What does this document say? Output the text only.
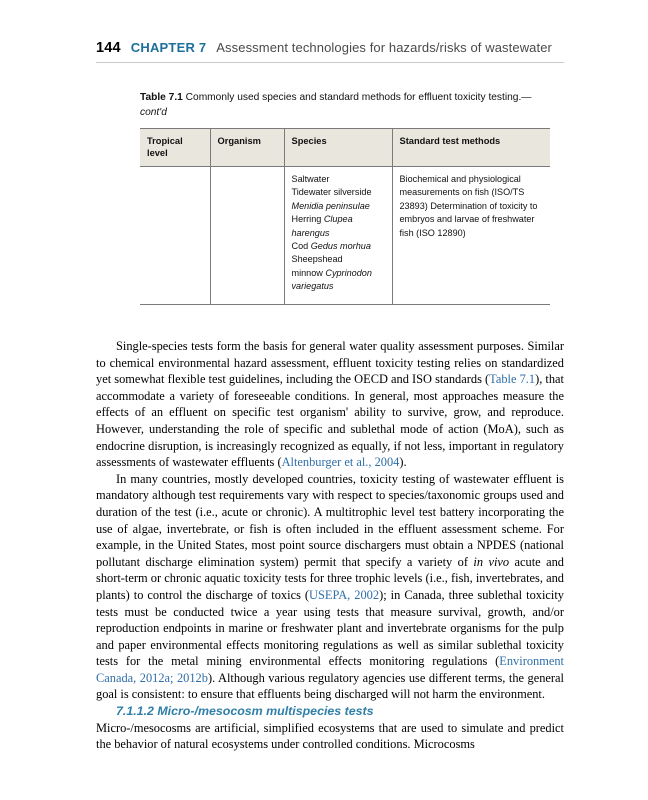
144 CHAPTER 7 Assessment technologies for hazards/risks of wastewater
Table 7.1 Commonly used species and standard methods for effluent toxicity testing.—cont'd
Tropical level	Organism	Species	Standard test methods
		Saltwater
Tidewater silverside
Menidia peninsulae
Herring Clupea
harengus
Cod Gedus morhua
Sheepshead
minnow Cyprinodon
variegatus	Biochemical and physiological measurements on fish (ISO/TS 23893) Determination of toxicity to embryos and larvae of freshwater fish (ISO 12890)

Single-species tests form the basis for general water quality assessment purposes. Similar to chemical environmental hazard assessment, effluent toxicity testing relies on standardized yet somewhat flexible test guidelines, including the OECD and ISO standards (Table 7.1), that accommodate a variety of foreseeable conditions. In general, most approaches measure the effects of an effluent on specific test organism' ability to survive, grow, and reproduce. However, understanding the role of specific and sublethal mode of action (MoA), such as endocrine disruption, is increasingly recognized as equally, if not less, important in regulatory assessments of wastewater effluents (Altenburger et al., 2004).

In many countries, mostly developed countries, toxicity testing of wastewater effluent is mandatory although test requirements vary with respect to species/taxonomic groups used and duration of the test (i.e., acute or chronic). A multitrophic level test battery incorporating the use of algae, invertebrate, or fish is often included in the effluent assessment scheme. For example, in the United States, most point source dischargers must obtain a NPDES (national pollutant discharge elimination system) permit that specify a variety of in vivo acute and short-term or chronic aquatic toxicity tests for three trophic levels (i.e., fish, invertebrates, and plants) to control the discharge of toxics (USEPA, 2002); in Canada, three sublethal toxicity tests must be conducted twice a year using tests that measure survival, growth, and/or reproduction endpoints in marine or freshwater plant and invertebrate organisms for the pulp and paper environmental effects monitoring regulations as well as similar sublethal toxicity tests for the metal mining environmental effects monitoring regulations (Environment Canada, 2012a; 2012b). Although various regulatory agencies use different terms, the general goal is consistent: to ensure that effluents being discharged will not harm the environment.

7.1.1.2 Micro-/mesocosm multispecies tests

Micro-/mesocosms are artificial, simplified ecosystems that are used to simulate and predict the behavior of natural ecosystems under controlled conditions. Microcosms
